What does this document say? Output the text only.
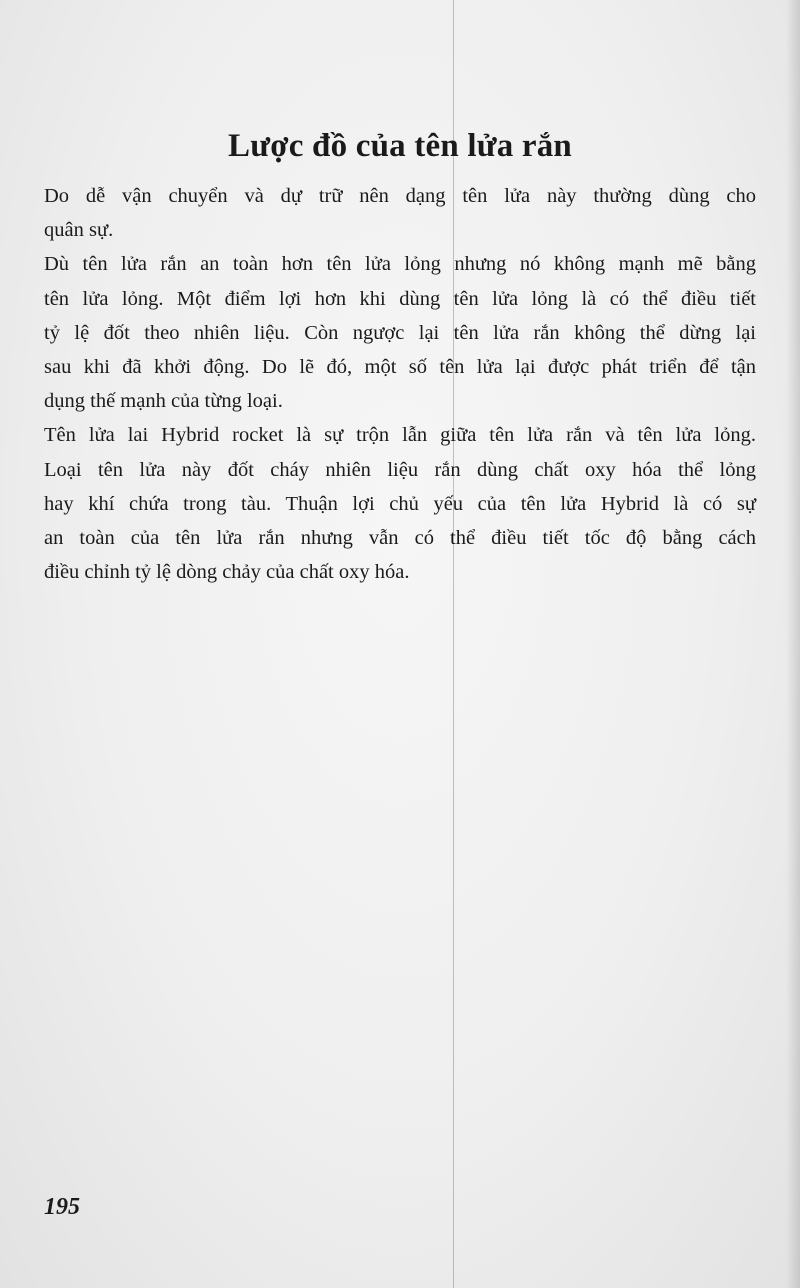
Lược đồ của tên lửa rắn
Do dễ vận chuyển và dự trữ nên dạng tên lửa này thường dùng cho
quân sự.
Dù tên lửa rắn an toàn hơn tên lửa lỏng nhưng nó không mạnh mẽ bằng
tên lửa lỏng. Một điểm lợi hơn khi dùng tên lửa lỏng là có thể điều tiết
tỷ lệ đốt theo nhiên liệu. Còn ngược lại tên lửa rắn không thể dừng lại
sau khi đã khởi động. Do lẽ đó, một số tên lửa lại được phát triển để tận
dụng thế mạnh của từng loại.
Tên lửa lai Hybrid rocket là sự trộn lẫn giữa tên lửa rắn và tên lửa lỏng.
Loại tên lửa này đốt cháy nhiên liệu rắn dùng chất oxy hóa thể lỏng
hay khí chứa trong tàu. Thuận lợi chủ yếu của tên lửa Hybrid là có sự
an toàn của tên lửa rắn nhưng vẫn có thể điều tiết tốc độ bằng cách
điều chỉnh tỷ lệ dòng chảy của chất oxy hóa.
195
